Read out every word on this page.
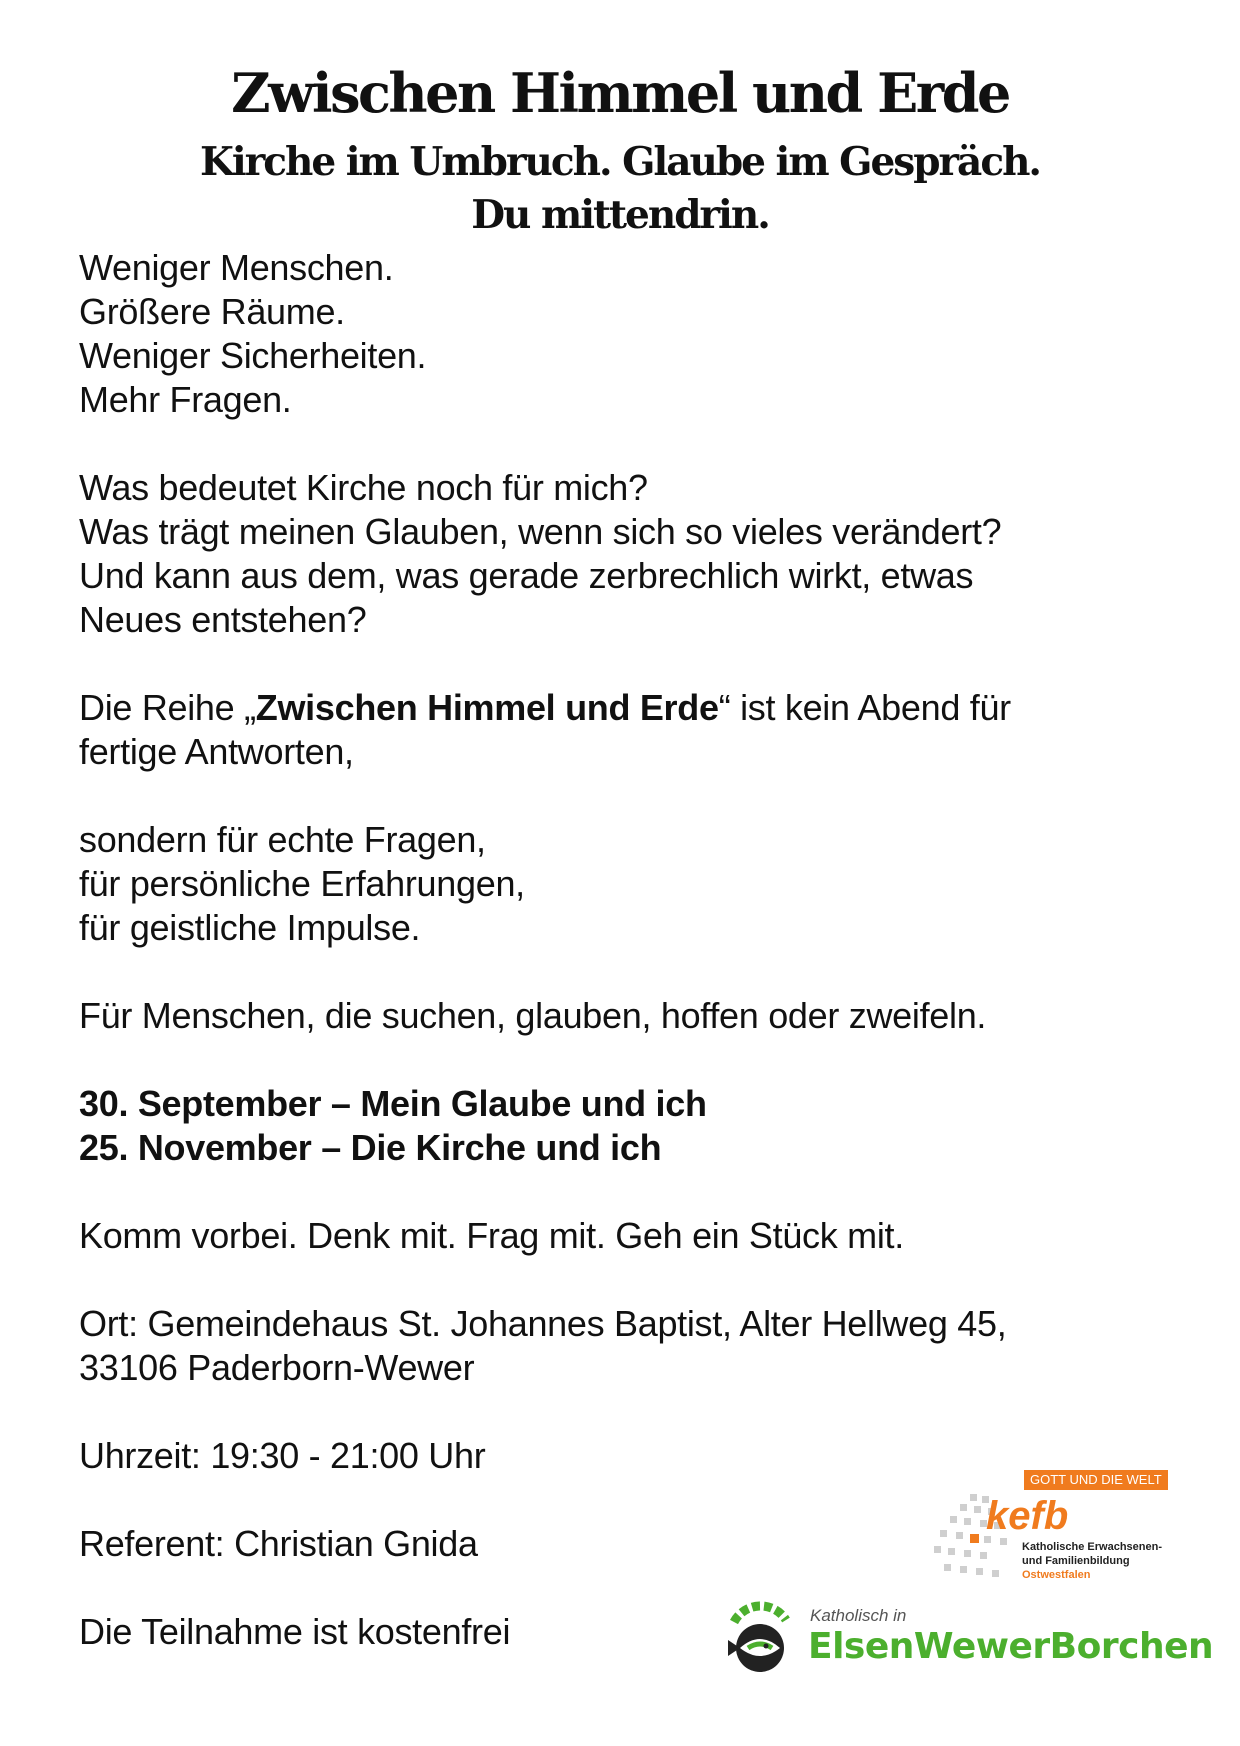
Zwischen Himmel und Erde
Kirche im Umbruch. Glaube im Gespräch.
Du mittendrin.

Weniger Menschen.

Größere Räume.

Weniger Sicherheiten.

Mehr Fragen.

Was bedeutet Kirche noch für mich?

Was trägt meinen Glauben, wenn sich so vieles verändert?

Und kann aus dem, was gerade zerbrechlich wirkt, etwas

Neues entstehen?

Die Reihe „Zwischen Himmel und Erde“ ist kein Abend für

fertige Antworten,

sondern für echte Fragen,

für persönliche Erfahrungen,

für geistliche Impulse.

Für Menschen, die suchen, glauben, hoffen oder zweifeln.

30. September – Mein Glaube und ich

25. November – Die Kirche und ich

Komm vorbei. Denk mit. Frag mit. Geh ein Stück mit.

Ort: Gemeindehaus St. Johannes Baptist, Alter Hellweg 45,

33106 Paderborn-Wewer

Uhrzeit: 19:30 - 21:00 Uhr

Referent: Christian Gnida

Die Teilnahme ist kostenfrei

GOTT UND DIE WELT
kefb
Katholische Erwachsenen-
und Familienbildung
Ostwestfalen
Katholisch in
ElsenWewerBorchen
